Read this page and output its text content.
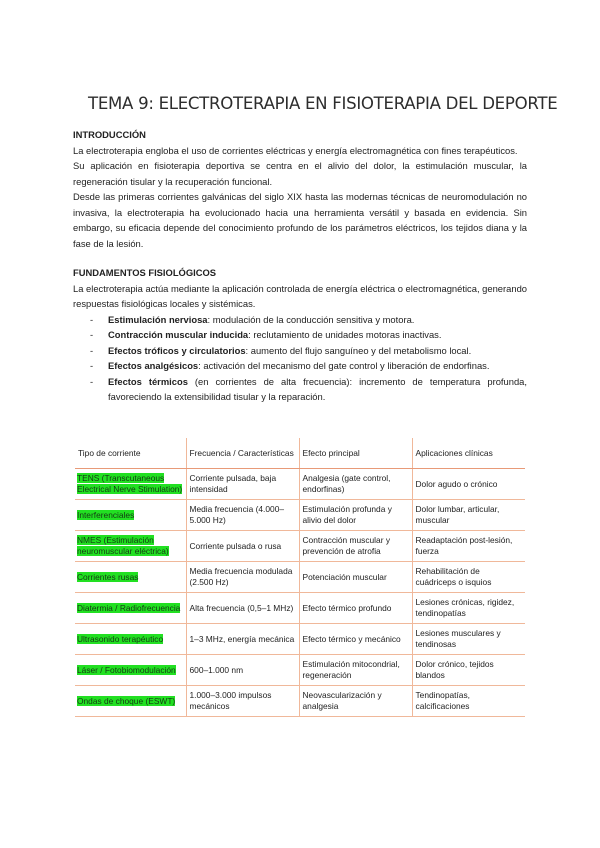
TEMA 9: ELECTROTERAPIA EN FISIOTERAPIA DEL DEPORTE

INTRODUCCIÓN

La electroterapia engloba el uso de corrientes eléctricas y energía electromagnética con fines terapéuticos.

Su aplicación en fisioterapia deportiva se centra en el alivio del dolor, la estimulación muscular, la regeneración tisular y la recuperación funcional.

Desde las primeras corrientes galvánicas del siglo XIX hasta las modernas técnicas de neuromodulación no invasiva, la electroterapia ha evolucionado hacia una herramienta versátil y basada en evidencia. Sin embargo, su eficacia depende del conocimiento profundo de los parámetros eléctricos, los tejidos diana y la fase de la lesión.

FUNDAMENTOS FISIOLÓGICOS

La electroterapia actúa mediante la aplicación controlada de energía eléctrica o electromagnética, generando respuestas fisiológicas locales y sistémicas.

- Estimulación nerviosa: modulación de la conducción sensitiva y motora.
- Contracción muscular inducida: reclutamiento de unidades motoras inactivas.
- Efectos tróficos y circulatorios: aumento del flujo sanguíneo y del metabolismo local.
- Efectos analgésicos: activación del mecanismo del gate control y liberación de endorfinas.
- Efectos térmicos (en corrientes de alta frecuencia): incremento de temperatura profunda, favoreciendo la extensibilidad tisular y la reparación.
Tipo de corriente	Frecuencia / Características	Efecto principal	Aplicaciones clínicas
TENS (Transcutaneous Electrical Nerve Stimulation)	Corriente pulsada, baja intensidad	Analgesia (gate control, endorfinas)	Dolor agudo o crónico
Interferenciales	Media frecuencia (4.000–5.000 Hz)	Estimulación profunda y alivio del dolor	Dolor lumbar, articular, muscular
NMES (Estimulación neuromuscular eléctrica)	Corriente pulsada o rusa	Contracción muscular y prevención de atrofia	Readaptación post-lesión, fuerza
Corrientes rusas	Media frecuencia modulada (2.500 Hz)	Potenciación muscular	Rehabilitación de cuádriceps o isquios
Diatermia / Radiofrecuencia	Alta frecuencia (0,5–1 MHz)	Efecto térmico profundo	Lesiones crónicas, rigidez, tendinopatías
Ultrasonido terapéutico	1–3 MHz, energía mecánica	Efecto térmico y mecánico	Lesiones musculares y tendinosas
Láser / Fotobiomodulación	600–1.000 nm	Estimulación mitocondrial, regeneración	Dolor crónico, tejidos blandos
Ondas de choque (ESWT)	1.000–3.000 impulsos mecánicos	Neovascularización y analgesia	Tendinopatías, calcificaciones
